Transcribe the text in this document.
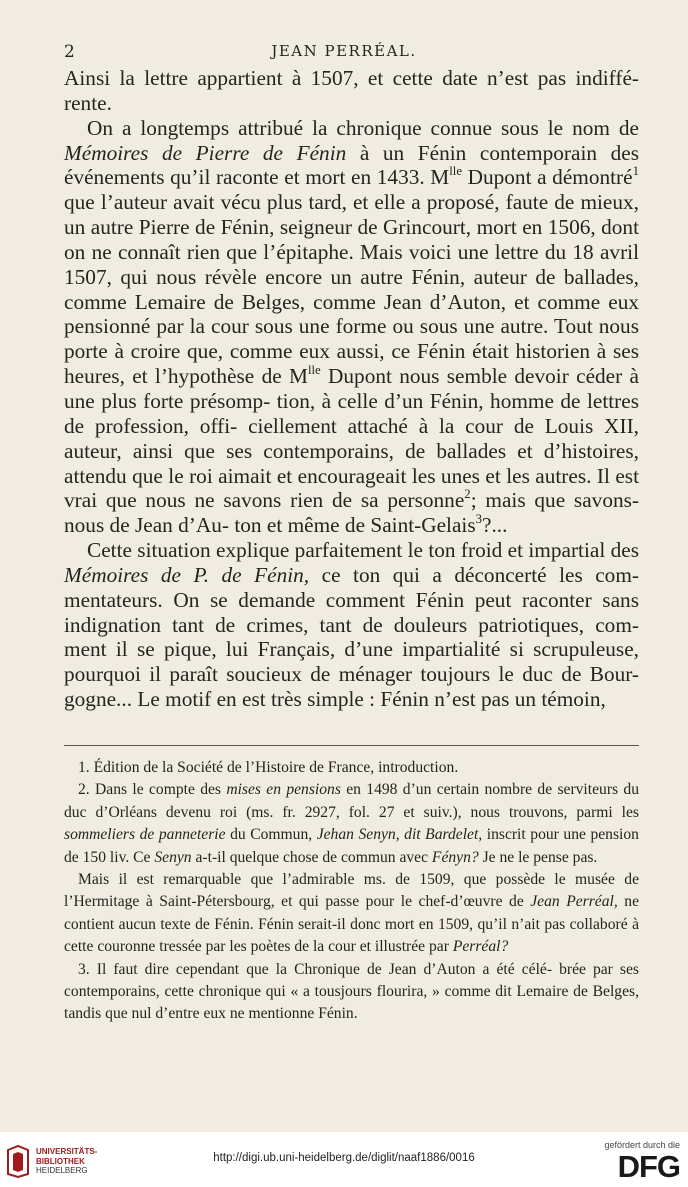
2	JEAN PERRÉAL.

Ainsi la lettre appartient à 1507, et cette date n’est pas indiffé- rente.

On a longtemps attribué la chronique connue sous le nom de Mémoires de Pierre de Fénin à un Fénin contemporain des événements qu’il raconte et mort en 1433. $M^{lle}$ Dupont a démontré$^1$ que l’auteur avait vécu plus tard, et elle a proposé, faute de mieux, un autre Pierre de Fénin, seigneur de Grincourt, mort en 1506, dont on ne connaît rien que l’épitaphe. Mais voici une lettre du 18 avril 1507, qui nous révèle encore un autre Fénin, auteur de ballades, comme Lemaire de Belges, comme Jean d’Auton, et comme eux pensionné par la cour sous une forme ou sous une autre. Tout nous porte à croire que, comme eux aussi, ce Fénin était historien à ses heures, et l’hypothèse de $M^{lle}$ Dupont nous semble devoir céder à une plus forte présomp- tion, à celle d’un Fénin, homme de lettres de profession, offi- ciellement attaché à la cour de Louis XII, auteur, ainsi que ses contemporains, de ballades et d’histoires, attendu que le roi aimait et encourageait les unes et les autres. Il est vrai que nous ne savons rien de sa personne$^2$; mais que savons-nous de Jean d’Au- ton et même de Saint-Gelais$^3$?...

Cette situation explique parfaitement le ton froid et impartial des Mémoires de P. de Fénin, ce ton qui a déconcerté les com- mentateurs. On se demande comment Fénin peut raconter sans indignation tant de crimes, tant de douleurs patriotiques, com- ment il se pique, lui Français, d’une impartialité si scrupuleuse, pourquoi il paraît soucieux de ménager toujours le duc de Bour- gogne... Le motif en est très simple : Fénin n’est pas un témoin,

1. Édition de la Société de l’Histoire de France, introduction.

2. Dans le compte des mises en pensions en 1498 d’un certain nombre de serviteurs du duc d’Orléans devenu roi (ms. fr. 2927, fol. 27 et suiv.), nous trouvons, parmi les sommeliers de panneterie du Commun, Jehan Senyn, dit Bardelet, inscrit pour une pension de 150 liv. Ce Senyn a-t-il quelque chose de commun avec Fényn? Je ne le pense pas.

Mais il est remarquable que l’admirable ms. de 1509, que possède le musée de l’Hermitage à Saint-Pétersbourg, et qui passe pour le chef-d’œuvre de Jean Perréal, ne contient aucun texte de Fénin. Fénin serait-il donc mort en 1509, qu’il n’ait pas collaboré à cette couronne tressée par les poètes de la cour et illustrée par Perréal?

3. Il faut dire cependant que la Chronique de Jean d’Auton a été célé- brée par ses contemporains, cette chronique qui « a tousjours flourira, » comme dit Lemaire de Belges, tandis que nul d’entre eux ne mentionne Fénin.

UNIVERSITÄTS-
BIBLIOTHEK
HEIDELBERG
http://digi.ub.uni-heidelberg.de/diglit/naaf1886/0016
gefördert durch die
DFG
